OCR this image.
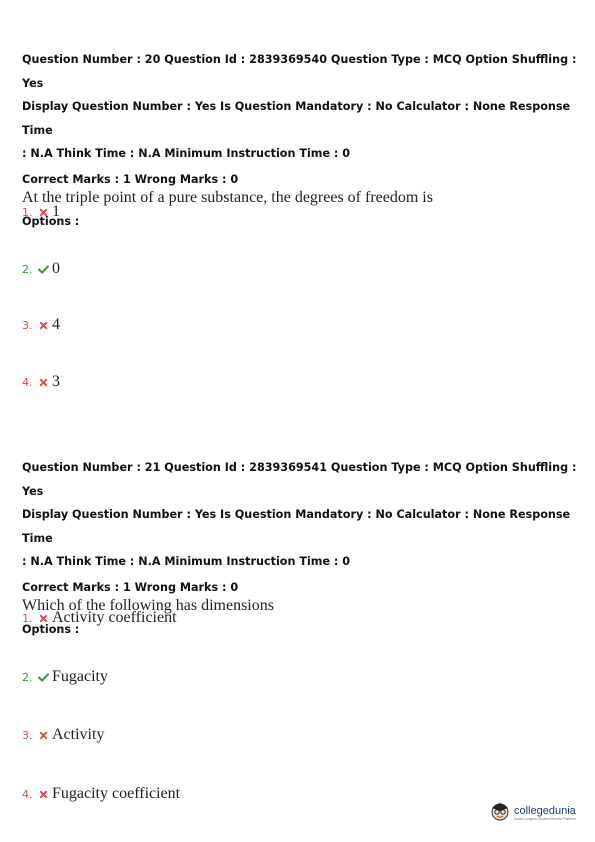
Question Number : 20 Question Id : 2839369540 Question Type : MCQ Option Shuffling : Yes

Display Question Number : Yes Is Question Mandatory : No Calculator : None Response Time

: N.A Think Time : N.A Minimum Instruction Time : 0

Correct Marks : 1 Wrong Marks : 0

At the triple point of a pure substance, the degrees of freedom is

Options :

1. 1
2. 0
3. 4
4. 3

Question Number : 21 Question Id : 2839369541 Question Type : MCQ Option Shuffling : Yes

Display Question Number : Yes Is Question Mandatory : No Calculator : None Response Time

: N.A Think Time : N.A Minimum Instruction Time : 0

Correct Marks : 1 Wrong Marks : 0

Which of the following has dimensions

Options :

1. Activity coefficient
2. Fugacity
3. Activity
4. Fugacity coefficient
collegedunia
India's Largest Student Review Platform
